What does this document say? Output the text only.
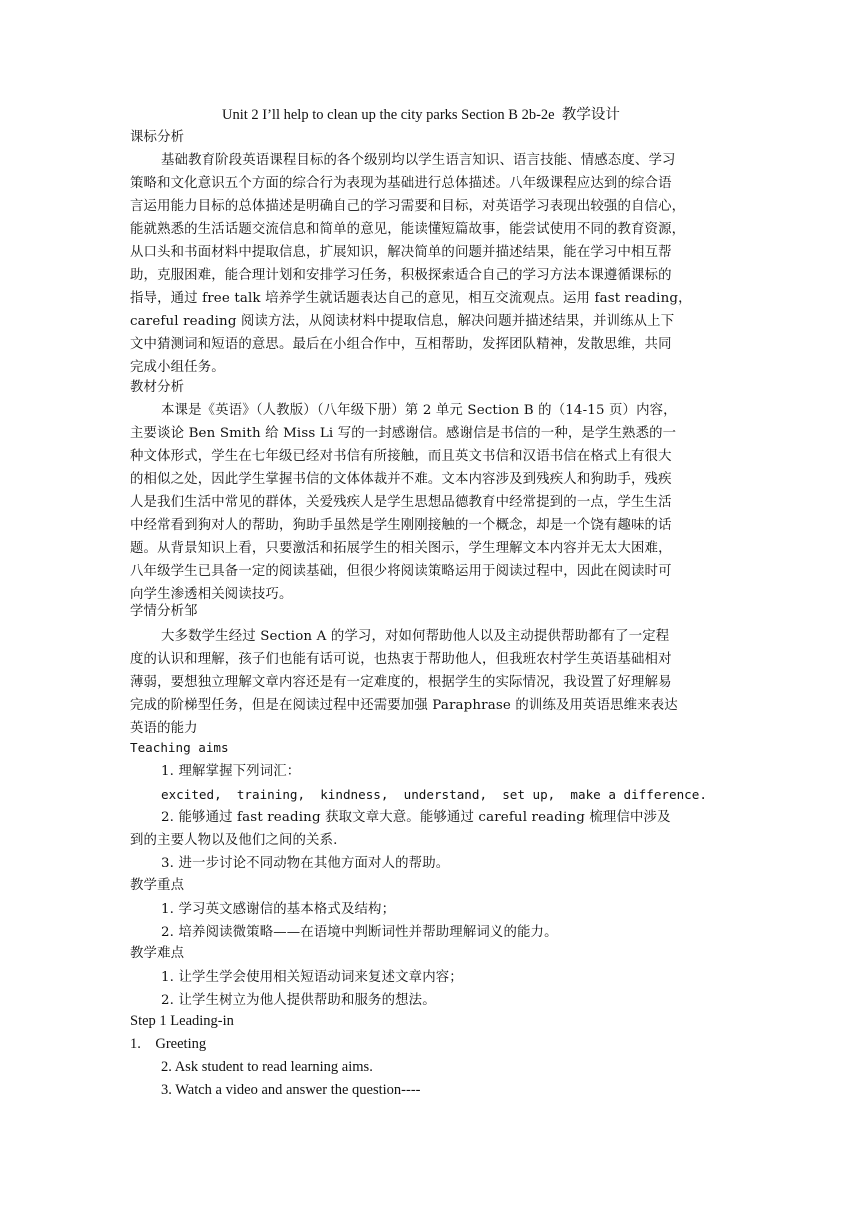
Unit 2 I’ll help to clean up the city parks Section B 2b-2e  教学设计
课标分析
基础教育阶段英语课程目标的各个级别均以学生语言知识、语言技能、情感态度、学习
策略和文化意识五个方面的综合行为表现为基础进行总体描述。八年级课程应达到的综合语
言运用能力目标的总体描述是明确自己的学习需要和目标，对英语学习表现出较强的自信心，
能就熟悉的生活话题交流信息和简单的意见，能读懂短篇故事，能尝试使用不同的教育资源，
从口头和书面材料中提取信息，扩展知识，解决简单的问题并描述结果，能在学习中相互帮
助，克服困难，能合理计划和安排学习任务，积极探索适合自己的学习方法本课遵循课标的
指导，通过 free talk 培养学生就话题表达自己的意见，相互交流观点。运用 fast reading，
careful reading 阅读方法，从阅读材料中提取信息，解决问题并描述结果，并训练从上下
文中猜测词和短语的意思。最后在小组合作中，互相帮助，发挥团队精神，发散思维，共同
完成小组任务。
教材分析
本课是《英语》（人教版）（八年级下册）第 2 单元 Section B 的（14-15 页）内容，
主要谈论 Ben Smith 给 Miss Li 写的一封感谢信。感谢信是书信的一种，是学生熟悉的一
种文体形式，学生在七年级已经对书信有所接触，而且英文书信和汉语书信在格式上有很大
的相似之处，因此学生掌握书信的文体体裁并不难。文本内容涉及到残疾人和狗助手，残疾
人是我们生活中常见的群体，关爱残疾人是学生思想品德教育中经常提到的一点，学生生活
中经常看到狗对人的帮助，狗助手虽然是学生刚刚接触的一个概念，却是一个饶有趣味的话
题。从背景知识上看，只要激活和拓展学生的相关图示，学生理解文本内容并无太大困难，
八年级学生已具备一定的阅读基础，但很少将阅读策略运用于阅读过程中，因此在阅读时可
向学生渗透相关阅读技巧。
学情分析邹
大多数学生经过 Section A 的学习，对如何帮助他人以及主动提供帮助都有了一定程
度的认识和理解，孩子们也能有话可说，也热衷于帮助他人，但我班农村学生英语基础相对
薄弱，要想独立理解文章内容还是有一定难度的，根据学生的实际情况，我设置了好理解易
完成的阶梯型任务，但是在阅读过程中还需要加强 Paraphrase 的训练及用英语思维来表达
英语的能力
Teaching aims
1. 理解掌握下列词汇：
excited,  training,  kindness,  understand,  set up,  make a difference.
2. 能够通过 fast reading 获取文章大意。能够通过 careful reading 梳理信中涉及
到的主要人物以及他们之间的关系.
3. 进一步讨论不同动物在其他方面对人的帮助。
教学重点
1. 学习英文感谢信的基本格式及结构；
2. 培养阅读微策略——在语境中判断词性并帮助理解词义的能力。
教学难点
1. 让学生学会使用相关短语动词来复述文章内容；
2. 让学生树立为他人提供帮助和服务的想法。
Step 1 Leading-in
1.    Greeting
2. Ask student to read learning aims.
3. Watch a video and answer the question----
